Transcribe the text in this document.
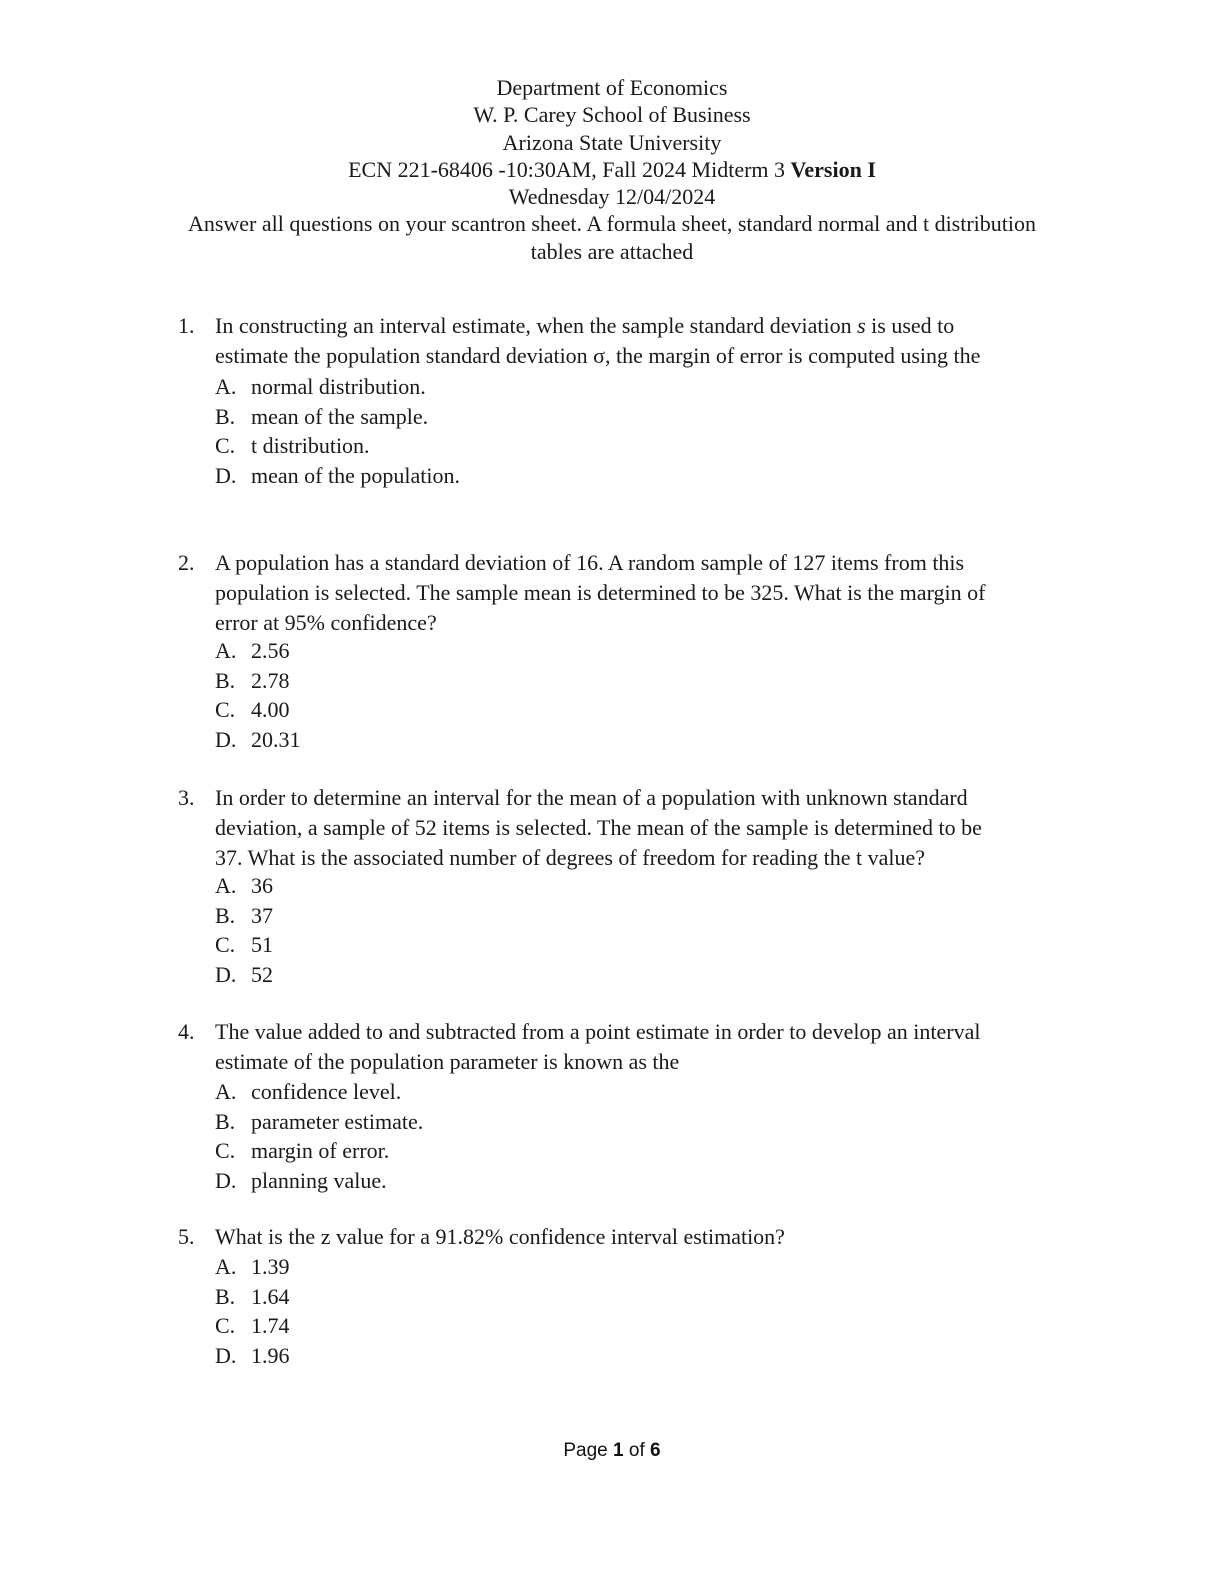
Department of Economics
W. P. Carey School of Business
Arizona State University
ECN 221-68406 -10:30AM, Fall 2024 Midterm 3 Version I
Wednesday 12/04/2024
Answer all questions on your scantron sheet. A formula sheet, standard normal and t distribution
tables are attached
1. In constructing an interval estimate, when the sample standard deviation s is used to
estimate the population standard deviation σ, the margin of error is computed using the
A. normal distribution.
B. mean of the sample.
C. t distribution.
D. mean of the population.
2. A population has a standard deviation of 16. A random sample of 127 items from this
population is selected. The sample mean is determined to be 325. What is the margin of
error at 95% confidence?
A. 2.56
B. 2.78
C. 4.00
D. 20.31
3. In order to determine an interval for the mean of a population with unknown standard
deviation, a sample of 52 items is selected. The mean of the sample is determined to be
37. What is the associated number of degrees of freedom for reading the t value?
A. 36
B. 37
C. 51
D. 52
4. The value added to and subtracted from a point estimate in order to develop an interval
estimate of the population parameter is known as the
A. confidence level.
B. parameter estimate.
C. margin of error.
D. planning value.
5. What is the z value for a 91.82% confidence interval estimation?
A. 1.39
B. 1.64
C. 1.74
D. 1.96
Page 1 of 6
